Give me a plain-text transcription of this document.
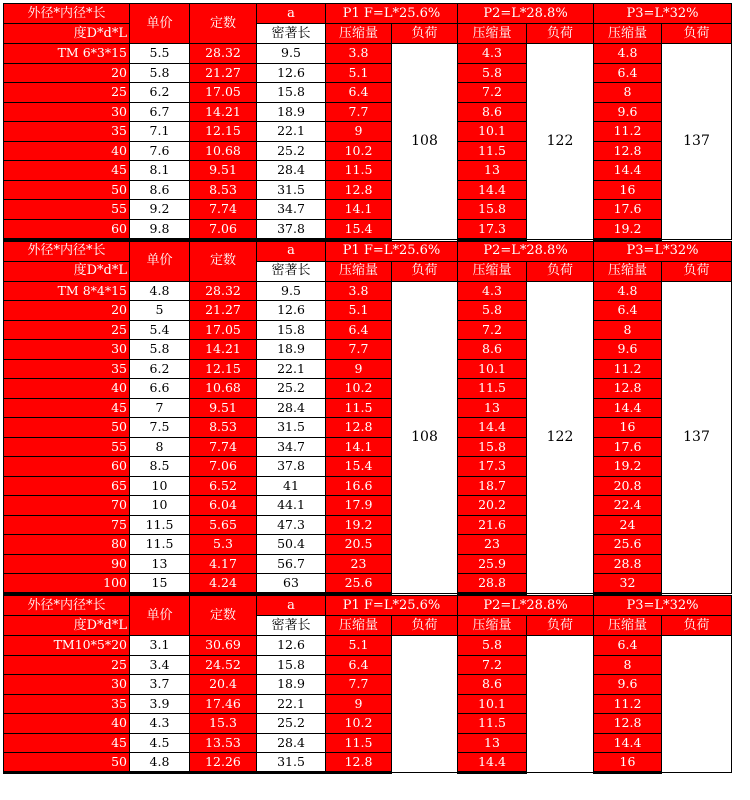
外径*内径*长	单价	定数	a	P1 F=L*25.6%		P2=L*28.8%		P3=L*32%	
度D*d*L			密著长	压缩量	负荷	压缩量	负荷	压缩量	负荷
TM 6*3*15	5.5	28.32	9.5	3.8	108	4.3	122	4.8	137
20	5.8	21.27	12.6	5.1		5.8		6.4	
25	6.2	17.05	15.8	6.4		7.2		8	
30	6.7	14.21	18.9	7.7		8.6		9.6	
35	7.1	12.15	22.1	9		10.1		11.2	
40	7.6	10.68	25.2	10.2		11.5		12.8	
45	8.1	9.51	28.4	11.5		13		14.4	
50	8.6	8.53	31.5	12.8		14.4		16	
55	9.2	7.74	34.7	14.1		15.8		17.6	
60	9.8	7.06	37.8	15.4		17.3		19.2	
外径*内径*长	单价	定数	a	P1 F=L*25.6%		P2=L*28.8%		P3=L*32%	
度D*d*L			密著长	压缩量	负荷	压缩量	负荷	压缩量	负荷
TM 8*4*15	4.8	28.32	9.5	3.8	108	4.3	122	4.8	137
20	5	21.27	12.6	5.1		5.8		6.4	
25	5.4	17.05	15.8	6.4		7.2		8	
30	5.8	14.21	18.9	7.7		8.6		9.6	
35	6.2	12.15	22.1	9		10.1		11.2	
40	6.6	10.68	25.2	10.2		11.5		12.8	
45	7	9.51	28.4	11.5		13		14.4	
50	7.5	8.53	31.5	12.8		14.4		16	
55	8	7.74	34.7	14.1		15.8		17.6	
60	8.5	7.06	37.8	15.4		17.3		19.2	
65	10	6.52	41	16.6		18.7		20.8	
70	10	6.04	44.1	17.9		20.2		22.4	
75	11.5	5.65	47.3	19.2		21.6		24	
80	11.5	5.3	50.4	20.5		23		25.6	
90	13	4.17	56.7	23		25.9		28.8	
100	15	4.24	63	25.6		28.8		32	
外径*内径*长	单价	定数	a	P1 F=L*25.6%		P2=L*28.8%		P3=L*32%	
度D*d*L			密著长	压缩量	负荷	压缩量	负荷	压缩量	负荷
TM10*5*20	3.1	30.69	12.6	5.1		5.8		6.4	
25	3.4	24.52	15.8	6.4		7.2		8	
30	3.7	20.4	18.9	7.7		8.6		9.6	
35	3.9	17.46	22.1	9		10.1		11.2	
40	4.3	15.3	25.2	10.2		11.5		12.8	
45	4.5	13.53	28.4	11.5		13		14.4	
50	4.8	12.26	31.5	12.8		14.4		16	
